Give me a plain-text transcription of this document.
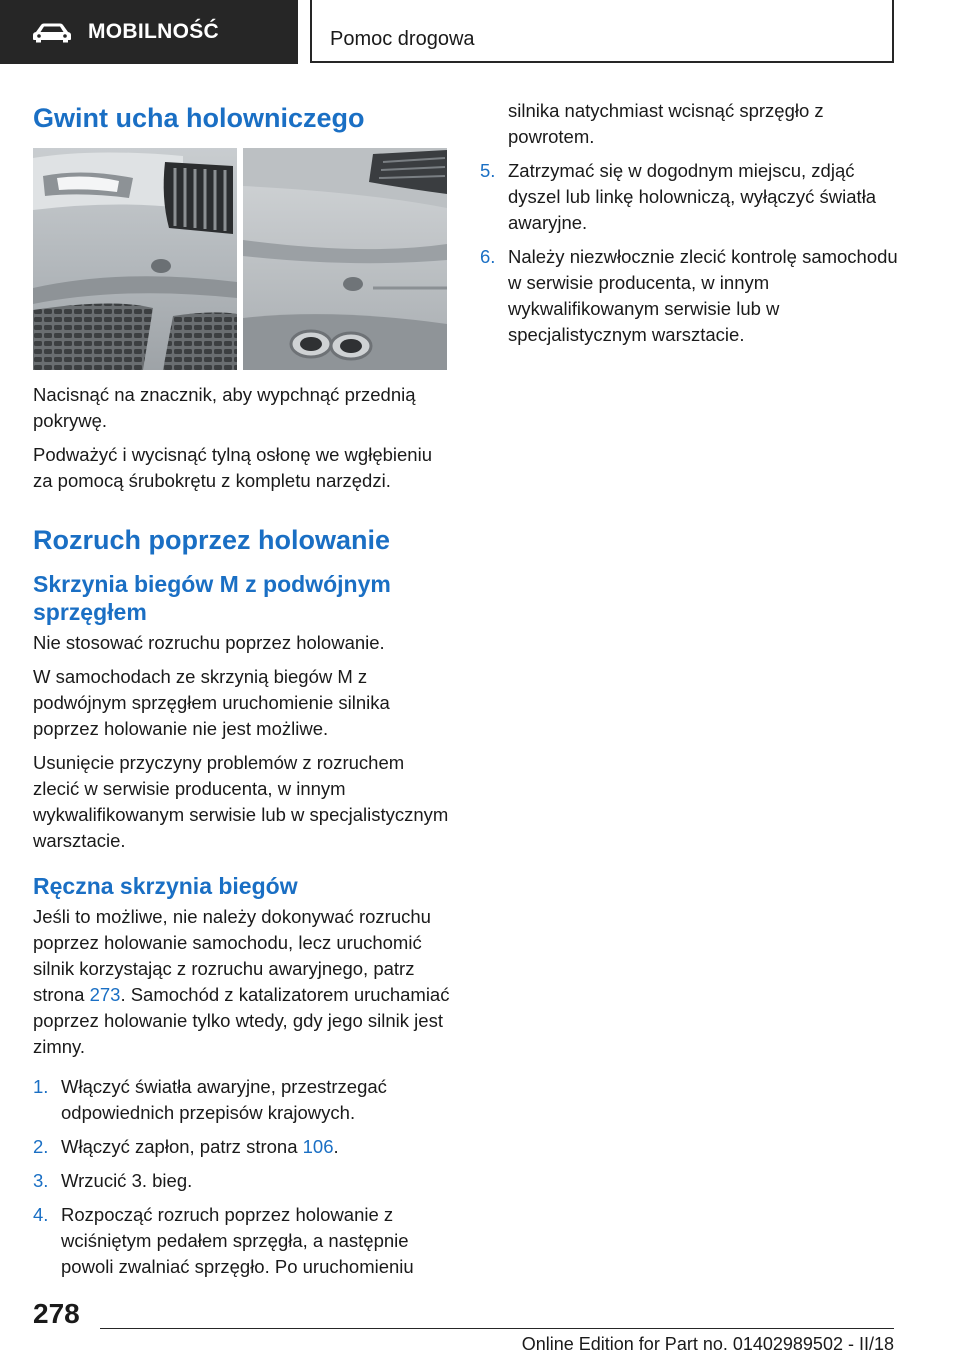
MOBILNOŚĆ	Pomoc drogowa
Gwint ucha holowniczego

Nacisnąć na znacznik, aby wypchnąć przednią pokrywę.

Podważyć i wycisnąć tylną osłonę we wgłębieniu za pomocą śrubokrętu z kompletu narzędzi.

Rozruch poprzez holowanie
Skrzynia biegów M z podwójnym sprzęgłem

Nie stosować rozruchu poprzez holowanie.

W samochodach ze skrzynią biegów M z podwójnym sprzęgłem uruchomienie silnika poprzez holowanie nie jest możliwe.

Usunięcie przyczyny problemów z rozruchem zlecić w serwisie producenta, w innym wykwalifikowanym serwisie lub w specjalistycznym warsztacie.

Ręczna skrzynia biegów

Jeśli to możliwe, nie należy dokonywać rozruchu poprzez holowanie samochodu, lecz uruchomić silnik korzystając z rozruchu awaryjnego, patrz strona 273. Samochód z katalizatorem uruchamiać poprzez holowanie tylko wtedy, gdy jego silnik jest zimny.

1. Włączyć światła awaryjne, przestrzegać odpowiednich przepisów krajowych.
2. Włączyć zapłon, patrz strona 106.
3. Wrzucić 3. bieg.
4. Rozpocząć rozruch poprzez holowanie z wciśniętym pedałem sprzęgła, a następnie powoli zwalniać sprzęgło. Po uruchomieniu
silnika natychmiast wcisnąć sprzęgło z powrotem.
5. Zatrzymać się w dogodnym miejscu, zdjąć dyszel lub linkę holowniczą, wyłączyć światła awaryjne.
6. Należy niezwłocznie zlecić kontrolę samochodu w serwisie producenta, w innym wykwalifikowanym serwisie lub w specjalistycznym warsztacie.
278
Online Edition for Part no. 01402989502 - II/18
